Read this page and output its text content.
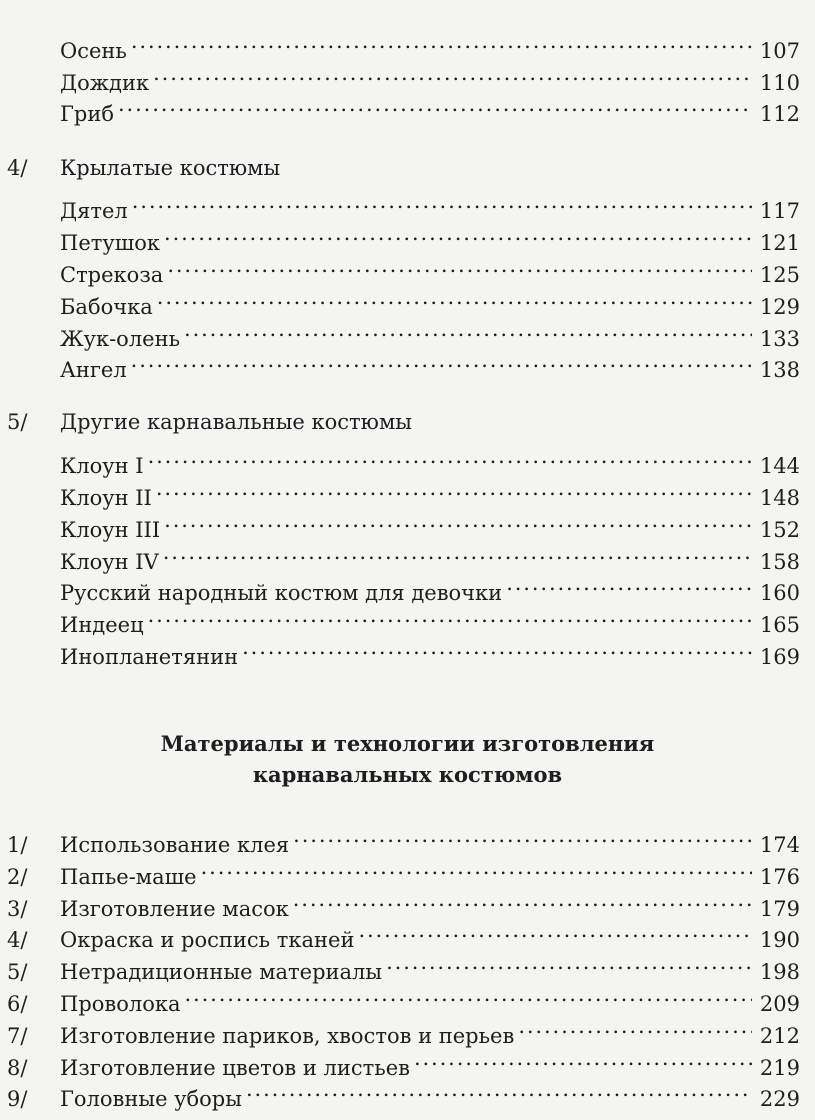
Осень . . .	107
Дождик . . .	110
Гриб . . .	112
4/	Крылатые костюмы
Дятел . . .	117
Петушок . . .	121
Стрекоза . . .	125
Бабочка . . .	129
Жук-олень . . .	133
Ангел . . .	138
5/	Другие карнавальные костюмы
Клоун I . . .	144
Клоун II . . .	148
Клоун III . . .	152
Клоун IV . . .	158
Русский народный костюм для девочки . . .	160
Индеец . . .	165
Инопланетянин . . .	169
Материалы и технологии изготовления
карнавальных костюмов
1/	Использование клея . . .	174
2/	Папье-маше . . .	176
3/	Изготовление масок . . .	179
4/	Окраска и роспись тканей . . .	190
5/	Нетрадиционные материалы . . .	198
6/	Проволока . . .	209
7/	Изготовление париков, хвостов и перьев . . .	212
8/	Изготовление цветов и листьев . . .	219
9/	Головные уборы . . .	229
